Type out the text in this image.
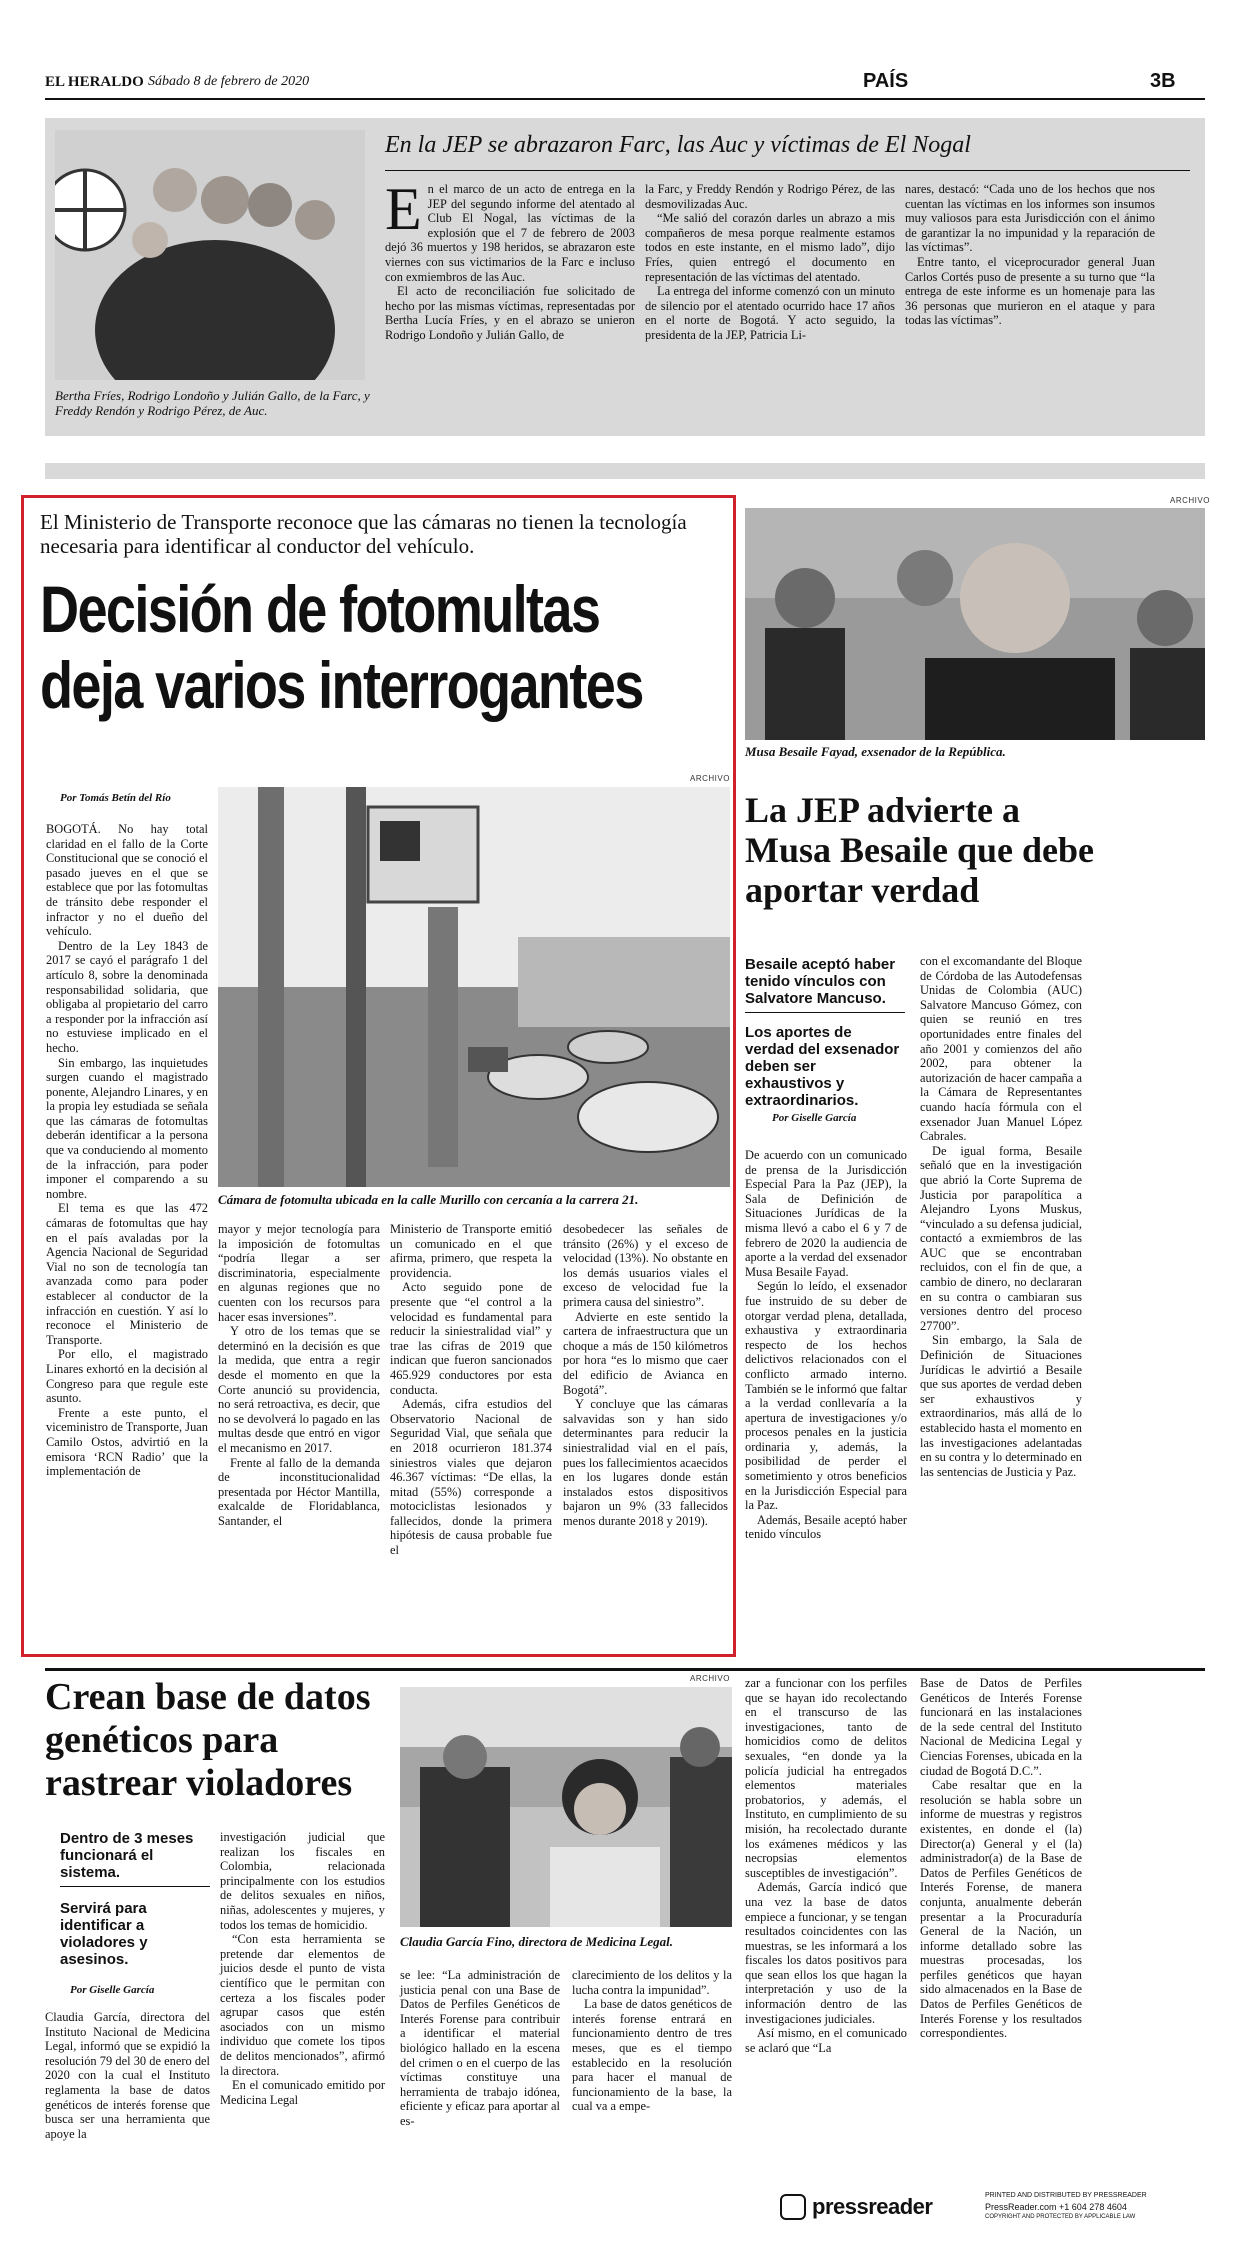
EL HERALDO Sábado 8 de febrero de 2020	PAÍS	3B
Bertha Fríes, Rodrigo Londoño y Julián Gallo, de la Farc, y Freddy Rendón y Rodrigo Pérez, de Auc.
En la JEP se abrazaron Farc, las Auc y víctimas de El Nogal
E n el marco de un acto de entrega en la JEP del segundo informe del atentado al Club El Nogal, las víctimas de la explosión que el 7 de febrero de 2003 dejó 36 muertos y 198 heridos, se abrazaron este viernes con sus victimarios de la Farc e incluso con exmiembros de las Auc.

El acto de reconciliación fue solicitado de hecho por las mismas víctimas, representadas por Bertha Lucía Fríes, y en el abrazo se unieron Rodrigo Londoño y Julián Gallo, de

la Farc, y Freddy Rendón y Rodrigo Pérez, de las desmovilizadas Auc.

“Me salió del corazón darles un abrazo a mis compañeros de mesa porque realmente estamos todos en este instante, en el mismo lado”, dijo Fríes, quien entregó el documento en representación de las víctimas del atentado.

La entrega del informe comenzó con un minuto de silencio por el atentado ocurrido hace 17 años en el norte de Bogotá. Y acto seguido, la presidenta de la JEP, Patricia Li-

nares, destacó: “Cada uno de los hechos que nos cuentan las víctimas en los informes son insumos muy valiosos para esta Jurisdicción con el ánimo de garantizar la no impunidad y la reparación de las víctimas”.

Entre tanto, el viceprocurador general Juan Carlos Cortés puso de presente a su turno que “la entrega de este informe es un homenaje para las 36 personas que murieron en el ataque y para todas las víctimas”.

El Ministerio de Transporte reconoce que las cámaras no tienen la tecnología necesaria para identificar al conductor del vehículo.
Decisión de fotomultas
deja varios interrogantes
ARCHIVO
Por Tomás Betín del Río
Cámara de fotomulta ubicada en la calle Murillo con cercanía a la carrera 21.

BOGOTÁ. No hay total claridad en el fallo de la Corte Constitucional que se conoció el pasado jueves en el que se establece que por las fotomultas de tránsito debe responder el infractor y no el dueño del vehículo.

Dentro de la Ley 1843 de 2017 se cayó el parágrafo 1 del artículo 8, sobre la denominada responsabilidad solidaria, que obligaba al propietario del carro a responder por la infracción así no estuviese implicado en el hecho.

Sin embargo, las inquietudes surgen cuando el magistrado ponente, Alejandro Linares, y en la propia ley estudiada se señala que las cámaras de fotomultas deberán identificar a la persona que va conduciendo al momento de la infracción, para poder imponer el comparendo a su nombre.

El tema es que las 472 cámaras de fotomultas que hay en el país avaladas por la Agencia Nacional de Seguridad Vial no son de tecnología tan avanzada como para poder establecer al conductor de la infracción en cuestión. Y así lo reconoce el Ministerio de Transporte.

Por ello, el magistrado Linares exhortó en la decisión al Congreso para que regule este asunto.

Frente a este punto, el viceministro de Transporte, Juan Camilo Ostos, advirtió en la emisora ‘RCN Radio’ que la implementación de

mayor y mejor tecnología para la imposición de fotomultas “podría llegar a ser discriminatoria, especialmente en algunas regiones que no cuenten con los recursos para hacer esas inversiones”.

Y otro de los temas que se determinó en la decisión es que la medida, que entra a regir desde el momento en que la Corte anunció su providencia, no será retroactiva, es decir, que no se devolverá lo pagado en las multas desde que entró en vigor el mecanismo en 2017.

Frente al fallo de la demanda de inconstitucionalidad presentada por Héctor Mantilla, exalcalde de Floridablanca, Santander, el

Ministerio de Transporte emitió un comunicado en el que afirma, primero, que respeta la providencia.

Acto seguido pone de presente que “el control a la velocidad es fundamental para reducir la siniestralidad vial” y trae las cifras de 2019 que indican que fueron sancionados 465.929 conductores por esta conducta.

Además, cifra estudios del Observatorio Nacional de Seguridad Vial, que señala que en 2018 ocurrieron 181.374 siniestros viales que dejaron 46.367 víctimas: “De ellas, la mitad (55%) corresponde a motociclistas lesionados y fallecidos, donde la primera hipótesis de causa probable fue el

desobedecer las señales de tránsito (26%) y el exceso de velocidad (13%). No obstante en los demás usuarios viales el exceso de velocidad fue la primera causa del siniestro”.

Advierte en este sentido la cartera de infraestructura que un choque a más de 150 kilómetros por hora “es lo mismo que caer del edificio de Avianca en Bogotá”.

Y concluye que las cámaras salvavidas son y han sido determinantes para reducir la siniestralidad vial en el país, pues los fallecimientos acaecidos en los lugares donde están instalados estos dispositivos bajaron un 9% (33 fallecidos menos durante 2018 y 2019).

ARCHIVO
Musa Besaile Fayad, exsenador de la República.
La JEP advierte a Musa Besaile que debe aportar verdad
Besaile aceptó haber tenido vínculos con Salvatore Mancuso.
Los aportes de verdad del exsenador deben ser exhaustivos y extraordinarios.
Por Giselle García

De acuerdo con un comunicado de prensa de la Jurisdicción Especial Para la Paz (JEP), la Sala de Definición de Situaciones Jurídicas de la misma llevó a cabo el 6 y 7 de febrero de 2020 la audiencia de aporte a la verdad del exsenador Musa Besaile Fayad.

Según lo leído, el exsenador fue instruido de su deber de otorgar verdad plena, detallada, exhaustiva y extraordinaria respecto de los hechos delictivos relacionados con el conflicto armado interno. También se le informó que faltar a la verdad conllevaría a la apertura de investigaciones y/o procesos penales en la justicia ordinaria y, además, la posibilidad de perder el sometimiento y otros beneficios en la Jurisdicción Especial para la Paz.

Además, Besaile aceptó haber tenido vínculos

con el excomandante del Bloque de Córdoba de las Autodefensas Unidas de Colombia (AUC) Salvatore Mancuso Gómez, con quien se reunió en tres oportunidades entre finales del año 2001 y comienzos del año 2002, para obtener la autorización de hacer campaña a la Cámara de Representantes cuando hacía fórmula con el exsenador Juan Manuel López Cabrales.

De igual forma, Besaile señaló que en la investigación que abrió la Corte Suprema de Justicia por parapolítica a Alejandro Lyons Muskus, “vinculado a su defensa judicial, contactó a exmiembros de las AUC que se encontraban recluidos, con el fin de que, a cambio de dinero, no declararan en su contra o cambiaran sus versiones dentro del proceso 27700”.

Sin embargo, la Sala de Definición de Situaciones Jurídicas le advirtió a Besaile que sus aportes de verdad deben ser exhaustivos y extraordinarios, más allá de lo establecido hasta el momento en las investigaciones adelantadas en su contra y lo determinado en las sentencias de Justicia y Paz.

Crean base de datos genéticos para rastrear violadores
Dentro de 3 meses funcionará el sistema.
Servirá para identificar a violadores y asesinos.
Por Giselle García
ARCHIVO
Claudia García Fino, directora de Medicina Legal.

Claudia García, directora del Instituto Nacional de Medicina Legal, informó que se expidió la resolución 79 del 30 de enero del 2020 con la cual el Instituto reglamenta la base de datos genéticos de interés forense que busca ser una herramienta que apoye la

investigación judicial que realizan los fiscales en Colombia, relacionada principalmente con los estudios de delitos sexuales en niños, niñas, adolescentes y mujeres, y todos los temas de homicidio.

“Con esta herramienta se pretende dar elementos de juicios desde el punto de vista científico que le permitan con certeza a los fiscales poder agrupar casos que estén asociados con un mismo individuo que comete los tipos de delitos mencionados”, afirmó la directora.

En el comunicado emitido por Medicina Legal

se lee: “La administración de justicia penal con una Base de Datos de Perfiles Genéticos de Interés Forense para contribuir a identificar el material biológico hallado en la escena del crimen o en el cuerpo de las víctimas constituye una herramienta de trabajo idónea, eficiente y eficaz para aportar al es-

clarecimiento de los delitos y la lucha contra la impunidad”.

La base de datos genéticos de interés forense entrará en funcionamiento dentro de tres meses, que es el tiempo establecido en la resolución para hacer el manual de funcionamiento de la base, la cual va a empe-

zar a funcionar con los perfiles que se hayan ido recolectando en el transcurso de las investigaciones, tanto de homicidios como de delitos sexuales, “en donde ya la policía judicial ha entregados elementos materiales probatorios, y además, el Instituto, en cumplimiento de su misión, ha recolectado durante los exámenes médicos y las necropsias elementos susceptibles de investigación”.

Además, García indicó que una vez la base de datos empiece a funcionar, y se tengan resultados coincidentes con las muestras, se les informará a los fiscales los datos positivos para que sean ellos los que hagan la interpretación y uso de la información dentro de las investigaciones judiciales.

Así mismo, en el comunicado se aclaró que “La

Base de Datos de Perfiles Genéticos de Interés Forense funcionará en las instalaciones de la sede central del Instituto Nacional de Medicina Legal y Ciencias Forenses, ubicada en la ciudad de Bogotá D.C.”.

Cabe resaltar que en la resolución se habla sobre un informe de muestras y registros existentes, en donde el (la) Director(a) General y el (la) administrador(a) de la Base de Datos de Perfiles Genéticos de Interés Forense, de manera conjunta, anualmente deberán presentar a la Procuraduría General de la Nación, un informe detallado sobre las muestras procesadas, los perfiles genéticos que hayan sido almacenados en la Base de Datos de Perfiles Genéticos de Interés Forense y los resultados correspondientes.

pressreader	PRINTED AND DISTRIBUTED BY PRESSREADER
PressReader.com +1 604 278 4604
COPYRIGHT AND PROTECTED BY APPLICABLE LAW
